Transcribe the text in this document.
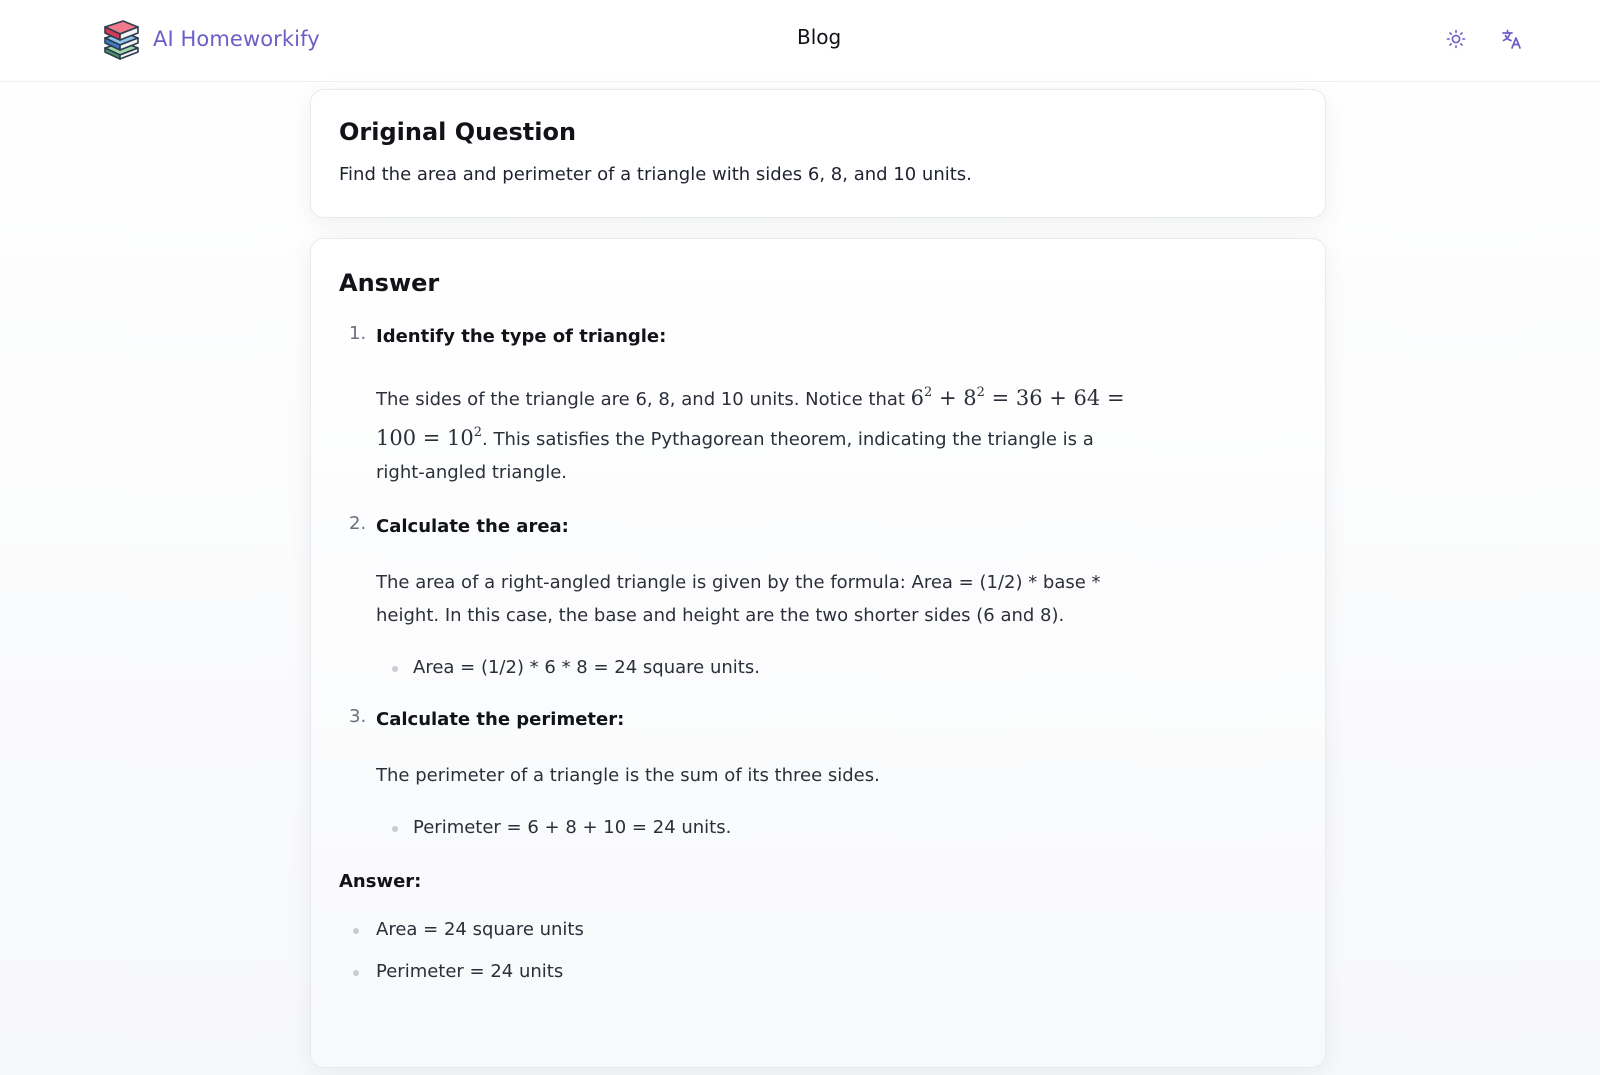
AI Homeworkify	Blog
Original Question
Find the area and perimeter of a triangle with sides 6, 8, and 10 units.
Answer
1. Identify the type of triangle:
The sides of the triangle are 6, 8, and 10 units. Notice that $6^2 + 8^2 = 36 + 64 = 100 = 10^2$. This satisfies the Pythagorean theorem, indicating the triangle is a right-angled triangle.
2. Calculate the area:
The area of a right-angled triangle is given by the formula: Area = (1/2) * base * height. In this case, the base and height are the two shorter sides (6 and 8).
Area = (1/2) * 6 * 8 = 24 square units.
3. Calculate the perimeter:
The perimeter of a triangle is the sum of its three sides.
Perimeter = 6 + 8 + 10 = 24 units.
Answer:
Area = 24 square units
Perimeter = 24 units
